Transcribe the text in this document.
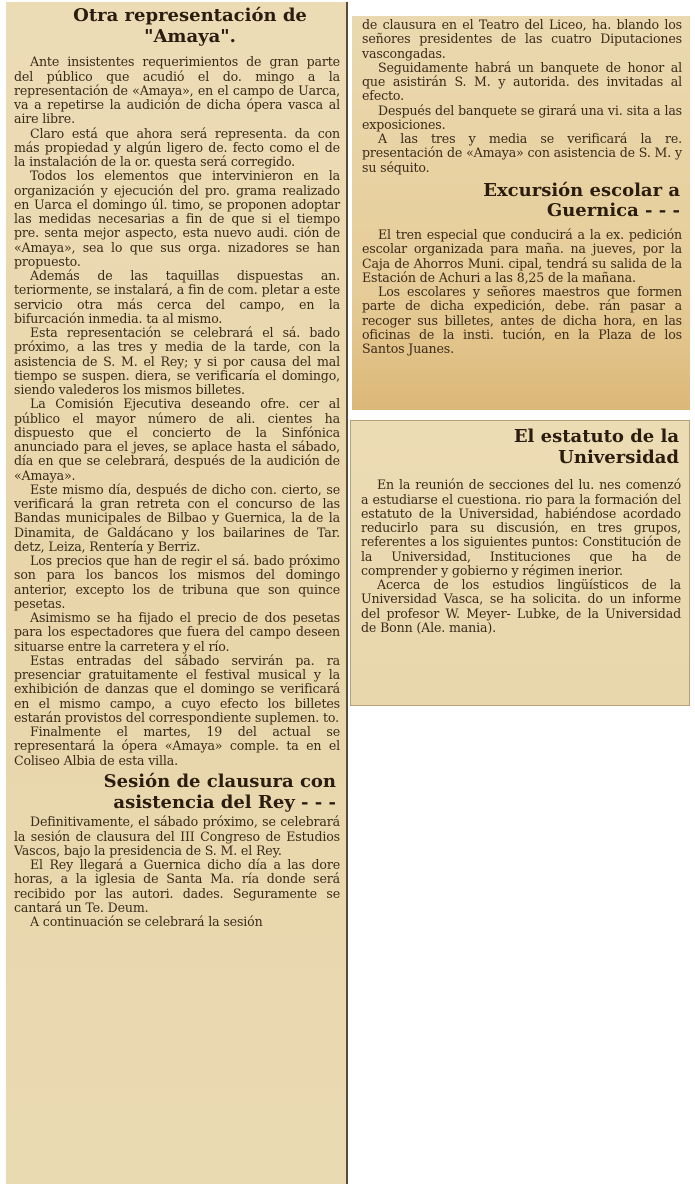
Otra representación de "Amaya".

Ante insistentes requerimientos de gran parte del público que acudió el do. mingo a la representación de «Amaya», en el campo de Uarca, va a repetirse la audición de dicha ópera vasca al aire libre.

Claro está que ahora será representa. da con más propiedad y algún ligero de. fecto como el de la instalación de la or. questa será corregido.

Todos los elementos que intervinieron en la organización y ejecución del pro. grama realizado en Uarca el domingo úl. timo, se proponen adoptar las medidas necesarias a fin de que si el tiempo pre. senta mejor aspecto, esta nuevo audi. ción de «Amaya», sea lo que sus orga. nizadores se han propuesto.

Además de las taquillas dispuestas an. teriormente, se instalará, a fin de com. pletar a este servicio otra más cerca del campo, en la bifurcación inmedia. ta al mismo.

Esta representación se celebrará el sá. bado próximo, a las tres y media de la tarde, con la asistencia de S. M. el Rey; y si por causa del mal tiempo se suspen. diera, se verificaría el domingo, siendo valederos los mismos billetes.

La Comisión Ejecutiva deseando ofre. cer al público el mayor número de ali. cientes ha dispuesto que el concierto de la Sinfónica anunciado para el jeves, se aplace hasta el sábado, día en que se celebrará, después de la audición de «Amaya».

Este mismo día, después de dicho con. cierto, se verificará la gran retreta con el concurso de las Bandas municipales de Bilbao y Guernica, la de la Dinamita, de Galdácano y los bailarines de Tar. detz, Leiza, Rentería y Berriz.

Los precios que han de regir el sá. bado próximo son para los bancos los mismos del domingo anterior, excepto los de tribuna que son quince pesetas.

Asimismo se ha fijado el precio de dos pesetas para los espectadores que fuera del campo deseen situarse entre la carretera y el río.

Estas entradas del sábado servirán pa. ra presenciar gratuitamente el festival musical y la exhibición de danzas que el domingo se verificará en el mismo campo, a cuyo efecto los billetes estarán provistos del correspondiente suplemen. to.

Finalmente el martes, 19 del actual se representará la ópera «Amaya» comple. ta en el Coliseo Albia de esta villa.

Sesión de clausura con asistencia del Rey - - -

Definitivamente, el sábado próximo, se celebrará la sesión de clausura del III Congreso de Estudios Vascos, bajo la presidencia de S. M. el Rey.

El Rey llegará a Guernica dicho día a las dore horas, a la iglesia de Santa Ma. ría donde será recibido por las autori. dades. Seguramente se cantará un Te. Deum.

A continuación se celebrará la sesión

de clausura en el Teatro del Liceo, ha. blando los señores presidentes de las cuatro Diputaciones vascongadas.

Seguidamente habrá un banquete de honor al que asistirán S. M. y autorida. des invitadas al efecto.

Después del banquete se girará una vi. sita a las exposiciones.

A las tres y media se verificará la re. presentación de «Amaya» con asistencia de S. M. y su séquito.

Excursión escolar a Guernica - - -

El tren especial que conducirá a la ex. pedición escolar organizada para maña. na jueves, por la Caja de Ahorros Muni. cipal, tendrá su salida de la Estación de Achuri a las 8,25 de la mañana.

Los escolares y señores maestros que formen parte de dicha expedición, debe. rán pasar a recoger sus billetes, antes de dicha hora, en las oficinas de la insti. tución, en la Plaza de los Santos Juanes.

El estatuto de la Universidad

En la reunión de secciones del lu. nes comenzó a estudiarse el cuestiona. rio para la formación del estatuto de la Universidad, habiéndose acordado reducirlo para su discusión, en tres grupos, referentes a los siguientes puntos: Constitución de la Universidad, Instituciones que ha de comprender y gobierno y régimen inerior.

Acerca de los estudios lingüísticos de la Universidad Vasca, se ha solicita. do un informe del profesor W. Meyer- Lubke, de la Universidad de Bonn (Ale. mania).
